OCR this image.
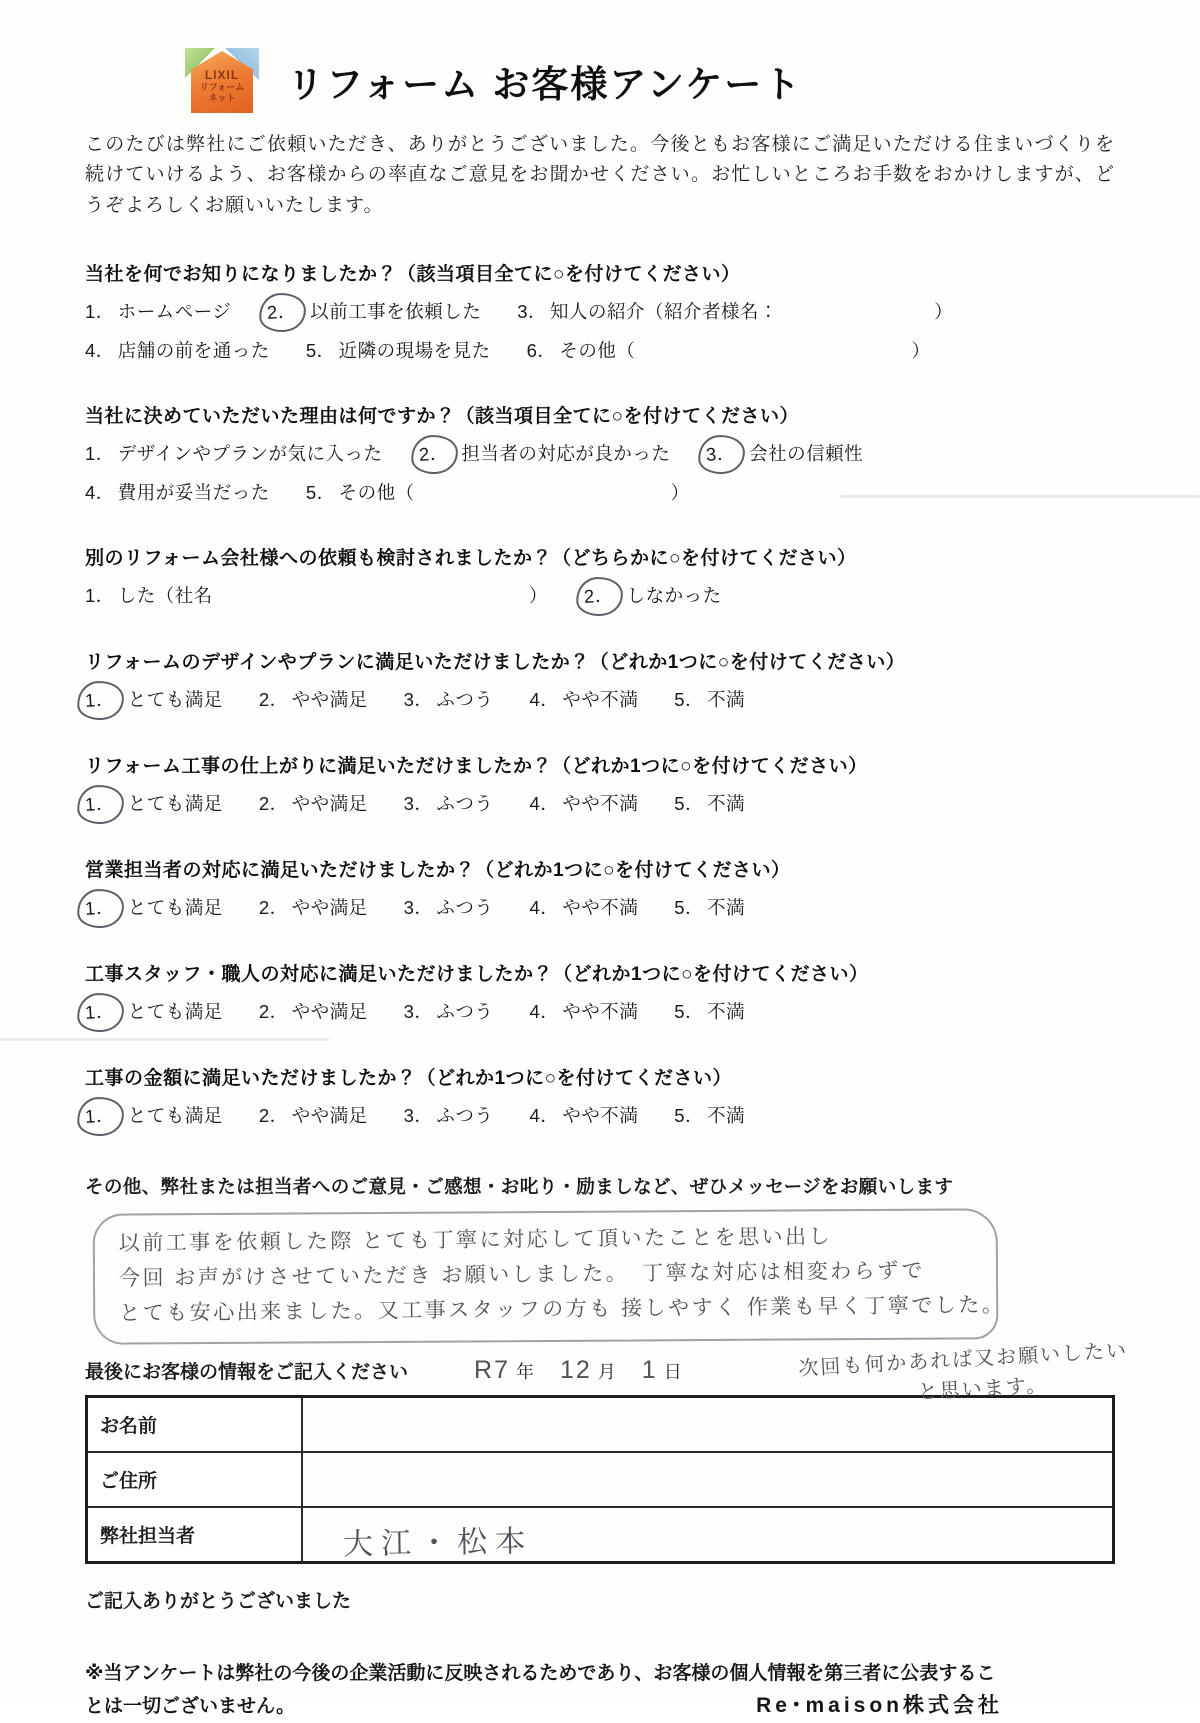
LIXIL
リフォーム
ネット	リフォーム お客様アンケート

このたびは弊社にご依頼いただき、ありがとうございました。今後ともお客様にご満足いただける住まいづくりを続けていけるよう、お客様からの率直なご意見をお聞かせください。お忙しいところお手数をおかけしますが、どうぞよろしくお願いいたします。

当社を何でお知りになりましたか？（該当項目全てに○を付けてください）
1． ホームページ	2． 以前工事を依頼した 3． 知人の紹介（紹介者様名：	）
4． 店舗の前を通った 5． 近隣の現場を見た 6． その他（	）
当社に決めていただいた理由は何ですか？（該当項目全てに○を付けてください）
1． デザインやプランが気に入った	2． 担当者の対応が良かった	3． 会社の信頼性
4． 費用が妥当だった 5． その他（	）
別のリフォーム会社様への依頼も検討されましたか？（どちらかに○を付けてください）
1． した（社名	）	2． しなかった
リフォームのデザインやプランに満足いただけましたか？（どれか1つに○を付けてください）
1． とても満足 2． やや満足 3． ふつう 4． やや不満 5． 不満
リフォーム工事の仕上がりに満足いただけましたか？（どれか1つに○を付けてください）
1． とても満足 2． やや満足 3． ふつう 4． やや不満 5． 不満
営業担当者の対応に満足いただけましたか？（どれか1つに○を付けてください）
1． とても満足 2． やや満足 3． ふつう 4． やや不満 5． 不満
工事スタッフ・職人の対応に満足いただけましたか？（どれか1つに○を付けてください）
1． とても満足 2． やや満足 3． ふつう 4． やや不満 5． 不満
工事の金額に満足いただけましたか？（どれか1つに○を付けてください）
1． とても満足 2． やや満足 3． ふつう 4． やや不満 5． 不満
その他、弊社または担当者へのご意見・ご感想・お叱り・励ましなど、ぜひメッセージをお願いします
以前工事を依頼した際 とても丁寧に対応して頂いたことを思い出し
今回 お声がけさせていただき お願いしました。　丁寧な対応は相変わらずで
とても安心出来ました。又工事スタッフの方も 接しやすく 作業も早く丁寧でした。
次回も何かあれば又お願いしたい
と思います。
最後にお客様の情報をご記入ください	R7 年 12 月 1 日
お名前	
ご住所	
弊社担当者	大江・松本
ご記入ありがとうございました
※当アンケートは弊社の今後の企業活動に反映されるためであり、お客様の個人情報を第三者に公表するこ
とは一切ございません。	Re･maison株式会社
